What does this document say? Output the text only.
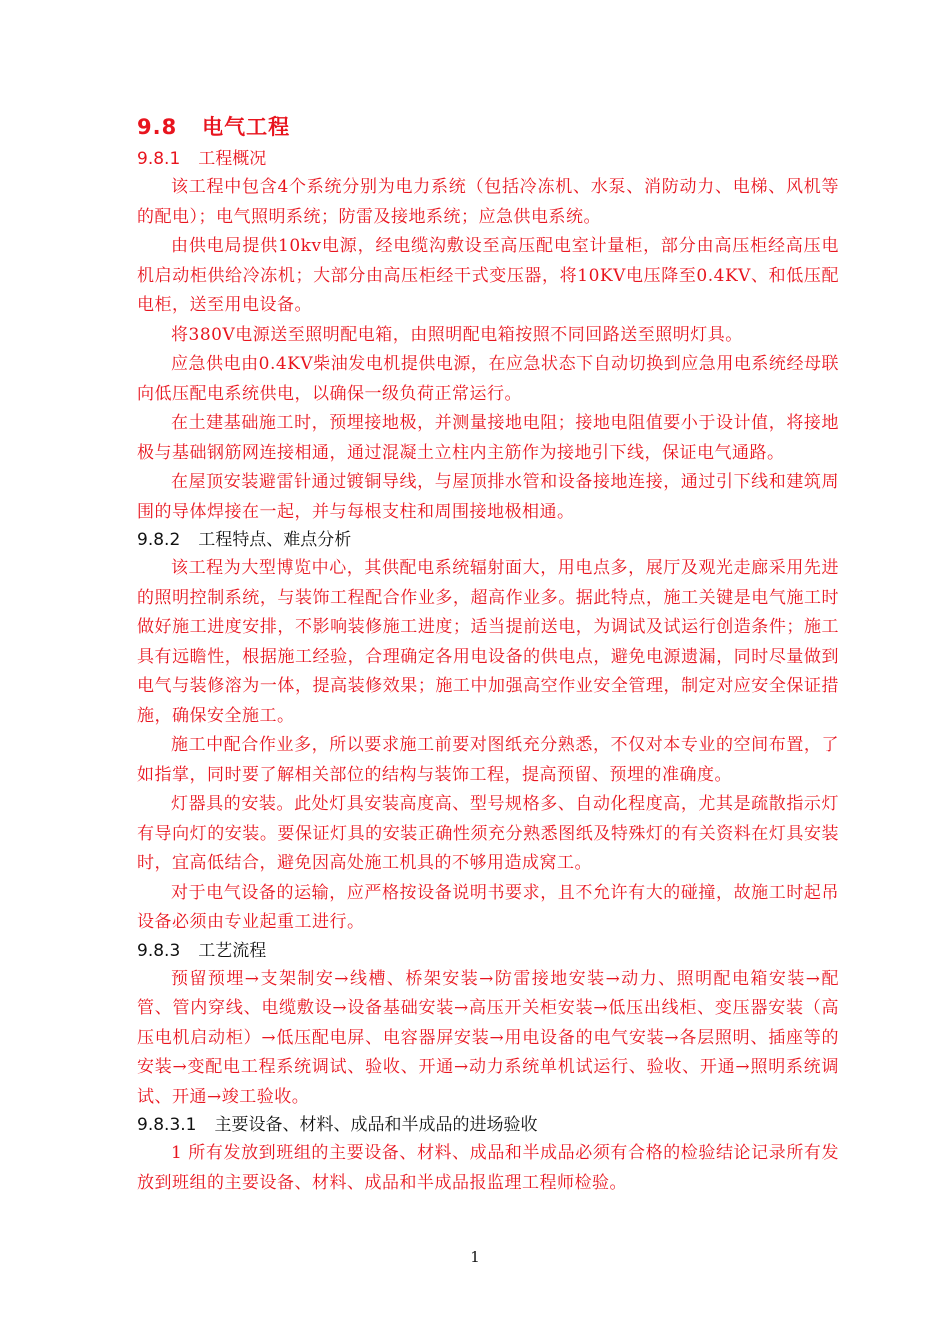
9.8 电气工程
9.8.1 工程概况

该工程中包含4个系统分别为电力系统（包括冷冻机、水泵、消防动力、电梯、风机等的配电）；电气照明系统；防雷及接地系统；应急供电系统。

由供电局提供10kv电源，经电缆沟敷设至高压配电室计量柜，部分由高压柜经高压电机启动柜供给冷冻机；大部分由高压柜经干式变压器，将10KV电压降至0.4KV、和低压配电柜，送至用电设备。

将380V电源送至照明配电箱，由照明配电箱按照不同回路送至照明灯具。

应急供电由0.4KV柴油发电机提供电源，在应急状态下自动切换到应急用电系统经母联向低压配电系统供电，以确保一级负荷正常运行。

在土建基础施工时，预埋接地极，并测量接地电阻；接地电阻值要小于设计值，将接地极与基础钢筋网连接相通，通过混凝土立柱内主筋作为接地引下线，保证电气通路。

在屋顶安装避雷针通过镀铜导线，与屋顶排水管和设备接地连接，通过引下线和建筑周围的导体焊接在一起，并与每根支柱和周围接地极相通。

9.8.2 工程特点、难点分析

该工程为大型博览中心，其供配电系统辐射面大，用电点多，展厅及观光走廊采用先进的照明控制系统，与装饰工程配合作业多，超高作业多。据此特点，施工关键是电气施工时做好施工进度安排，不影响装修施工进度；适当提前送电，为调试及试运行创造条件；施工具有远瞻性，根据施工经验，合理确定各用电设备的供电点，避免电源遗漏，同时尽量做到电气与装修溶为一体，提高装修效果；施工中加强高空作业安全管理，制定对应安全保证措施，确保安全施工。

施工中配合作业多，所以要求施工前要对图纸充分熟悉，不仅对本专业的空间布置，了如指掌，同时要了解相关部位的结构与装饰工程，提高预留、预埋的准确度。

灯器具的安装。此处灯具安装高度高、型号规格多、自动化程度高，尤其是疏散指示灯有导向灯的安装。要保证灯具的安装正确性须充分熟悉图纸及特殊灯的有关资料在灯具安装时，宜高低结合，避免因高处施工机具的不够用造成窝工。

对于电气设备的运输，应严格按设备说明书要求，且不允许有大的碰撞，故施工时起吊设备必须由专业起重工进行。

9.8.3 工艺流程

预留预埋→支架制安→线槽、桥架安装→防雷接地安装→动力、照明配电箱安装→配管、管内穿线、电缆敷设→设备基础安装→高压开关柜安装→低压出线柜、变压器安装（高压电机启动柜）→低压配电屏、电容器屏安装→用电设备的电气安装→各层照明、插座等的安装→变配电工程系统调试、验收、开通→动力系统单机试运行、验收、开通→照明系统调试、开通→竣工验收。

9.8.3.1 主要设备、材料、成品和半成品的进场验收

1 所有发放到班组的主要设备、材料、成品和半成品必须有合格的检验结论记录所有发放到班组的主要设备、材料、成品和半成品报监理工程师检验。

1
